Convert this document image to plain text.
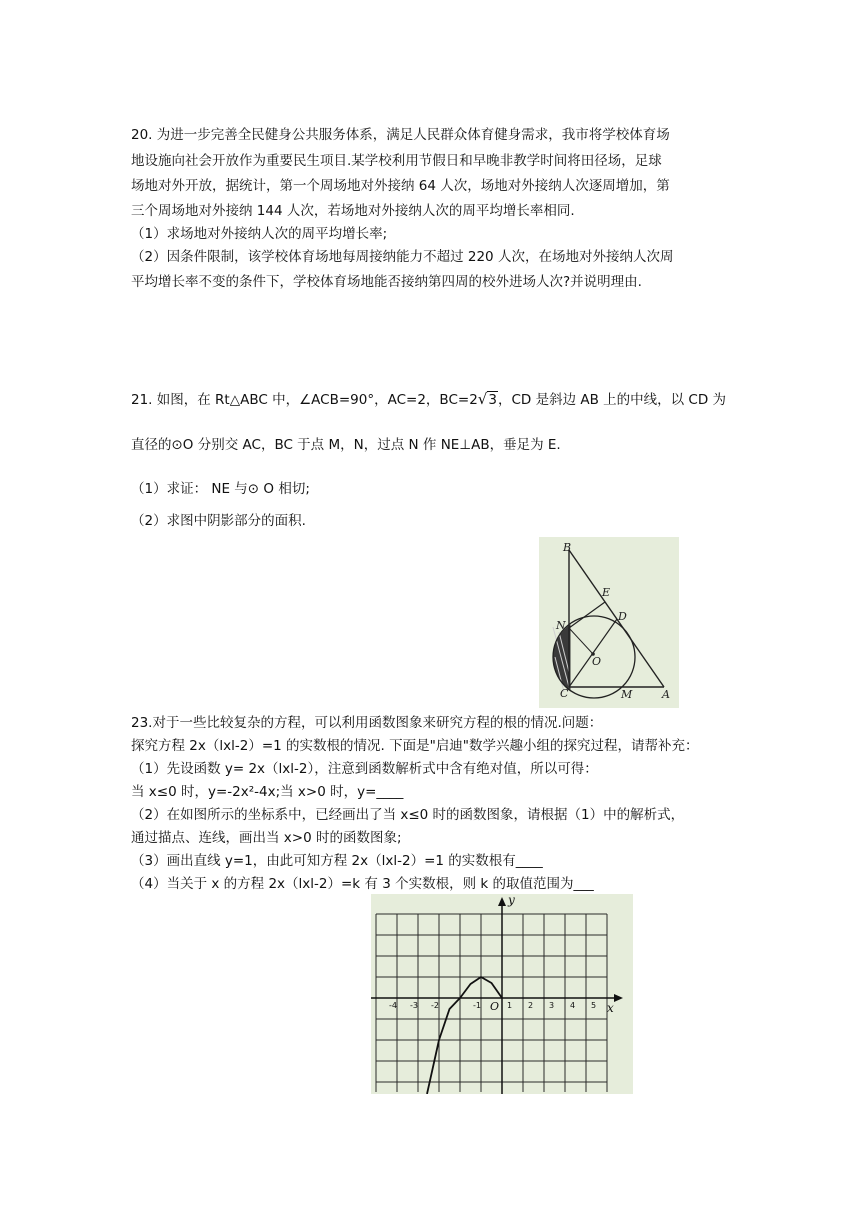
20. 为进一步完善全民健身公共服务体系，满足人民群众体育健身需求，我市将学校体育场
地设施向社会开放作为重要民生项目.某学校利用节假日和早晚非教学时间将田径场，足球
场地对外开放，据统计，第一个周场地对外接纳 64 人次，场地对外接纳人次逐周增加，第
三个周场地对外接纳 144 人次，若场地对外接纳人次的周平均增长率相同.
（1）求场地对外接纳人次的周平均增长率;
（2）因条件限制，该学校体育场地每周接纳能力不超过 220 人次，在场地对外接纳人次周
平均增长率不变的条件下，学校体育场地能否接纳第四周的校外进场人次?并说明理由.
21. 如图，在 Rt△ABC 中，∠ACB=90°，AC=2，BC=2√3，CD 是斜边 AB 上的中线，以 CD 为
直径的⊙O 分别交 AC，BC 于点 M，N，过点 N 作 NE⊥AB，垂足为 E.
（1）求证： NE 与⊙ O 相切;
（2）求图中阴影部分的面积.
B
E
D
N
O
C	M	A
23.对于一些比较复杂的方程，可以利用函数图象来研究方程的根的情况.问题：
探究方程 2x（lxl-2）=1 的实数根的情况. 下面是"启迪"数学兴趣小组的探究过程，请帮补充：
（1）先设函数 y= 2x（lxl-2），注意到函数解析式中含有绝对值，所以可得：
当 x≤0 时，y=-2x²-4x;当 x>0 时，y=____
（2）在如图所示的坐标系中，已经画出了当 x≤0 时的函数图象，请根据（1）中的解析式，
通过描点、连线，画出当 x>0 时的函数图象;
（3）画出直线 y=1，由此可知方程 2x（lxl-2）=1 的实数根有____
（4）当关于 x 的方程 2x（lxl-2）=k 有 3 个实数根，则 k 的取值范围为___
-4 -3 -2	-1	1 2 3 4 5
O	x
y
